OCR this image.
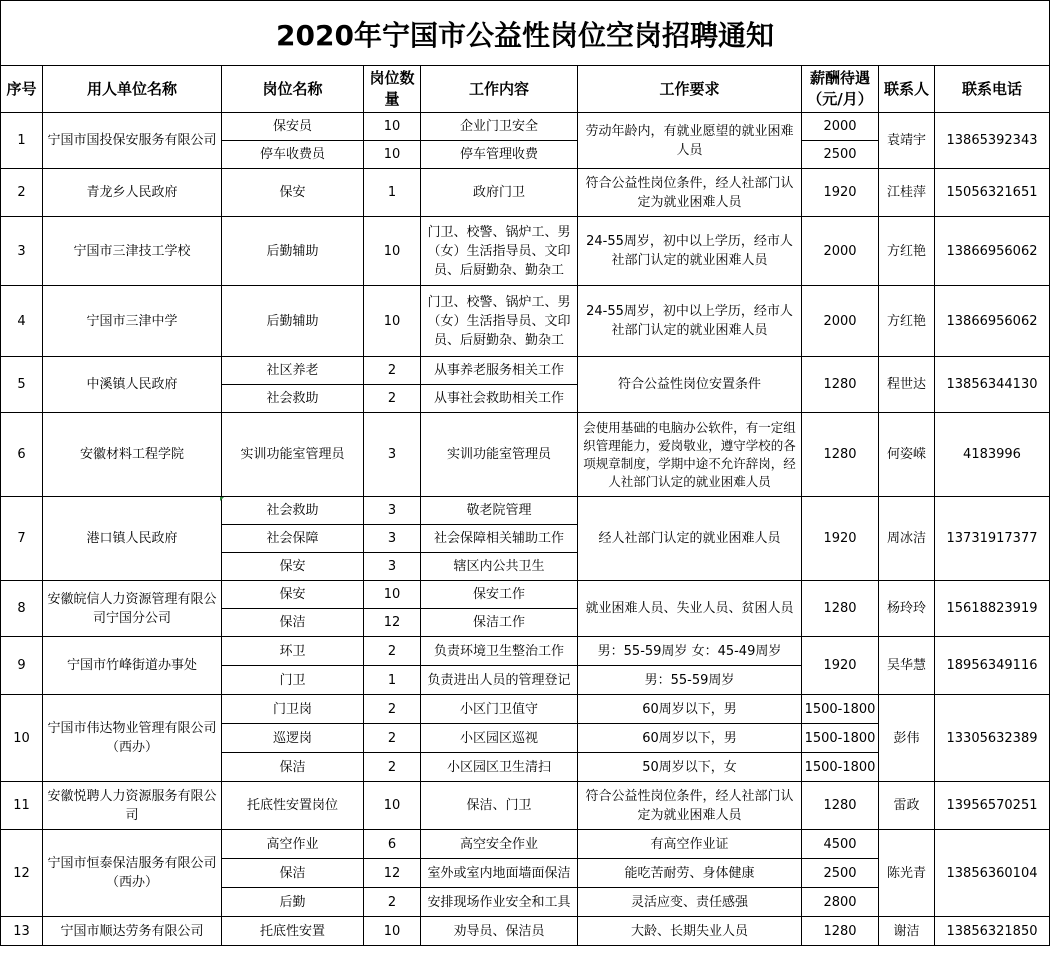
2020年宁国市公益性岗位空岗招聘通知
序号	用人单位名称	岗位名称	岗位数量	工作内容	工作要求	薪酬待遇（元/月）	联系人	联系电话
1	宁国市国投保安服务有限公司	保安员	10	企业门卫安全	劳动年龄内，有就业愿望的就业困难人员	2000	袁靖宇	13865392343
		停车收费员	10	停车管理收费		2500		
2	青龙乡人民政府	保安	1	政府门卫	符合公益性岗位条件，经人社部门认定为就业困难人员	1920	江桂萍	15056321651
3	宁国市三津技工学校	后勤辅助	10	门卫、校警、锅炉工、男（女）生活指导员、文印员、后厨勤杂、勤杂工	24-55周岁，初中以上学历，经市人社部门认定的就业困难人员	2000	方红艳	13866956062
4	宁国市三津中学	后勤辅助	10	门卫、校警、锅炉工、男（女）生活指导员、文印员、后厨勤杂、勤杂工	24-55周岁，初中以上学历，经市人社部门认定的就业困难人员	2000	方红艳	13866956062
5	中溪镇人民政府	社区养老	2	从事养老服务相关工作	符合公益性岗位安置条件	1280	程世达	13856344130
		社会救助	2	从事社会救助相关工作				
6	安徽材料工程学院	实训功能室管理员	3	实训功能室管理员	会使用基础的电脑办公软件，有一定组织管理能力，爱岗敬业，遵守学校的各项规章制度，学期中途不允许辞岗，经人社部门认定的就业困难人员	1280	何姿嵘	4183996
7	港口镇人民政府	社会救助	3	敬老院管理	经人社部门认定的就业困难人员	1920	周冰洁	13731917377
		社会保障	3	社会保障相关辅助工作				
		保安	3	辖区内公共卫生				
8	安徽皖信人力资源管理有限公司宁国分公司	保安	10	保安工作	就业困难人员、失业人员、贫困人员	1280	杨玲玲	15618823919
		保洁	12	保洁工作				
9	宁国市竹峰街道办事处	环卫	2	负责环境卫生整治工作	男：55-59周岁 女：45-49周岁	1920	吴华慧	18956349116
		门卫	1	负责进出人员的管理登记	男：55-59周岁			
10	宁国市伟达物业管理有限公司（西办）	门卫岗	2	小区门卫值守	60周岁以下，男	1500-1800	彭伟	13305632389
		巡逻岗	2	小区园区巡视	60周岁以下，男	1500-1800		
		保洁	2	小区园区卫生清扫	50周岁以下，女	1500-1800		
11	安徽悦聘人力资源服务有限公司	托底性安置岗位	10	保洁、门卫	符合公益性岗位条件，经人社部门认定为就业困难人员	1280	雷政	13956570251
12	宁国市恒泰保洁服务有限公司（西办）	高空作业	6	高空安全作业	有高空作业证	4500	陈光青	13856360104
		保洁	12	室外或室内地面墙面保洁	能吃苦耐劳、身体健康	2500		
		后勤	2	安排现场作业安全和工具	灵活应变、责任感强	2800		
13	宁国市顺达劳务有限公司	托底性安置	10	劝导员、保洁员	大龄、长期失业人员	1280	谢洁	13856321850
